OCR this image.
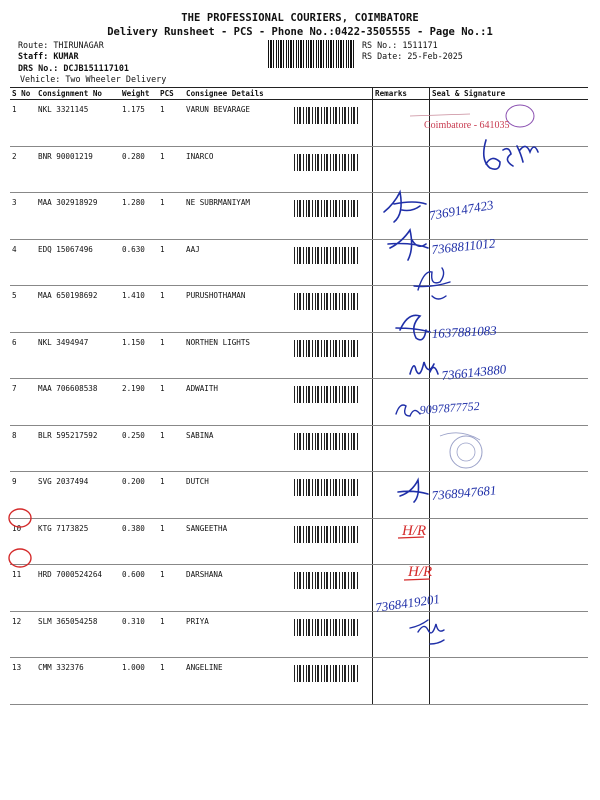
THE PROFESSIONAL COURIERS, COIMBATORE
Delivery Runsheet - PCS - Phone No.:0422-3505555 - Page No.:1
Route: THIRUNAGAR
Staff: KUMAR
DRS No.: DCJB151117101
Vehicle: Two Wheeler Delivery
RS No.: 1511171
RS Date: 25-Feb-2025
S No	Consignment No	Weight	PCS	Consignee Details		Remarks	Seal & Signature
1	NKL 3321145	1.175	1	VARUN BEVARAGE	

2	BNR 90001219	0.280	1	INARCO	

3	MAA 302918929	1.280	1	NE SUBRMANIYAM	

4	EDQ 15067496	0.630	1	AAJ	

5	MAA 650198692	1.410	1	PURUSHOTHAMAN	

6	NKL 3494947	1.150	1	NORTHEN LIGHTS	

7	MAA 706608538	2.190	1	ADWAITH	

8	BLR 595217592	0.250	1	SABINA	

9	SVG 2037494	0.200	1	DUTCH	

10	KTG 7173825	0.380	1	SANGEETHA	

11	HRD 7000524264	0.600	1	DARSHANA	

12	SLM 365054258	0.310	1	PRIYA	

13	CMM 332376	1.000	1	ANGELINE	

Coimbatore - 641035
7369147423
7368811012
1637881083
7366143880
9097877752
7368947681
H/R
H/R
7368419201
